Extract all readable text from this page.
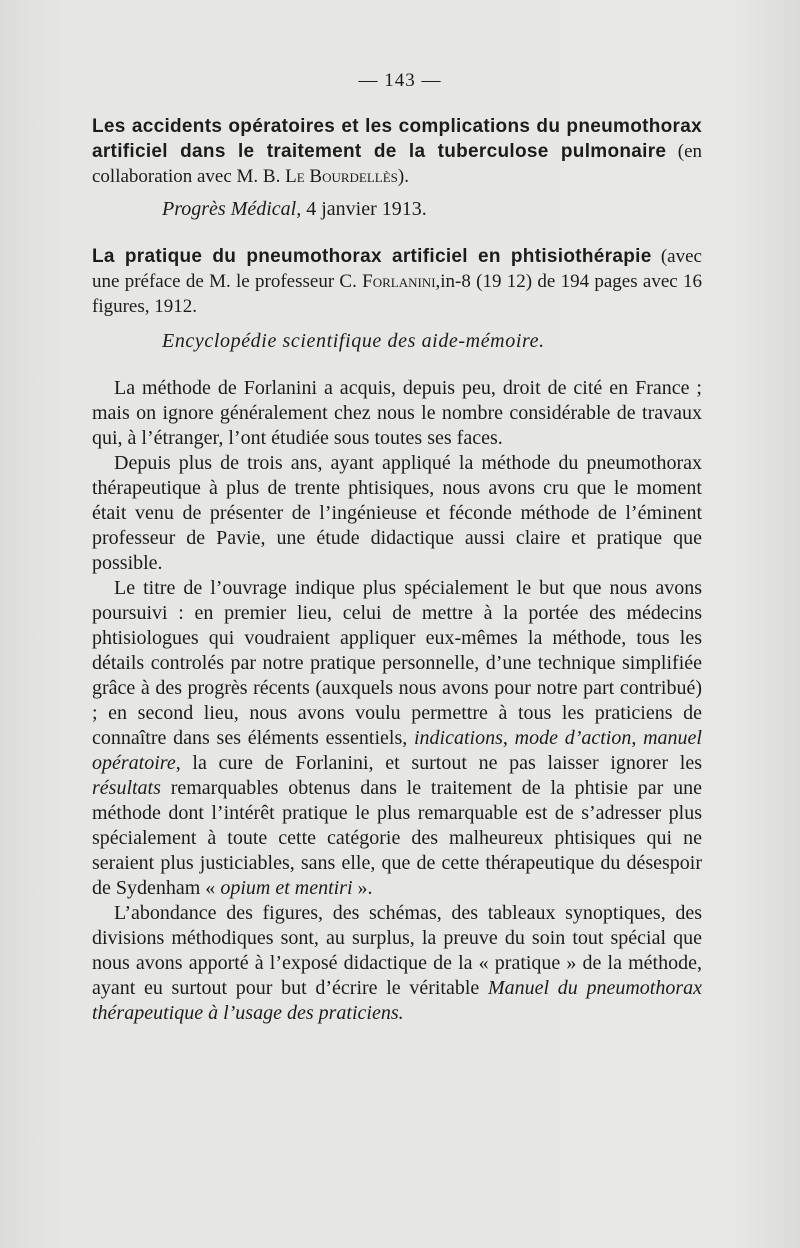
— 143 —

Les accidents opératoires et les complications du pneumothorax artificiel dans le traitement de la tuberculose pulmonaire (en collaboration avec M. B. Le Bourdellès).

Progrès Médical, 4 janvier 1913.

La pratique du pneumothorax artificiel en phtisiothérapie (avec une préface de M. le professeur C. Forlanini,in-8 (19 12) de 194 pages avec 16 figures, 1912.

Encyclopédie scientifique des aide-mémoire.

La méthode de Forlanini a acquis, depuis peu, droit de cité en France ; mais on ignore généralement chez nous le nombre considérable de travaux qui, à l’étranger, l’ont étudiée sous toutes ses faces.

Depuis plus de trois ans, ayant appliqué la méthode du pneumothorax thérapeutique à plus de trente phtisiques, nous avons cru que le moment était venu de présenter de l’ingénieuse et féconde méthode de l’éminent professeur de Pavie, une étude didactique aussi claire et pratique que possible.

Le titre de l’ouvrage indique plus spécialement le but que nous avons poursuivi : en premier lieu, celui de mettre à la portée des médecins phtisiologues qui voudraient appliquer eux-mêmes la méthode, tous les détails controlés par notre pratique personnelle, d’une technique simplifiée grâce à des progrès récents (auxquels nous avons pour notre part contribué) ; en second lieu, nous avons voulu permettre à tous les praticiens de connaître dans ses éléments essentiels, indications, mode d’action, manuel opératoire, la cure de Forlanini, et surtout ne pas laisser ignorer les résultats remarquables obtenus dans le traitement de la phtisie par une méthode dont l’intérêt pratique le plus remarquable est de s’adresser plus spécialement à toute cette catégorie des malheureux phtisiques qui ne seraient plus justiciables, sans elle, que de cette thérapeutique du désespoir de Sydenham « opium et mentiri ».

L’abondance des figures, des schémas, des tableaux synoptiques, des divisions méthodiques sont, au surplus, la preuve du soin tout spécial que nous avons apporté à l’exposé didactique de la « pratique » de la méthode, ayant eu surtout pour but d’écrire le véritable Manuel du pneumothorax thérapeutique à l’usage des praticiens.
